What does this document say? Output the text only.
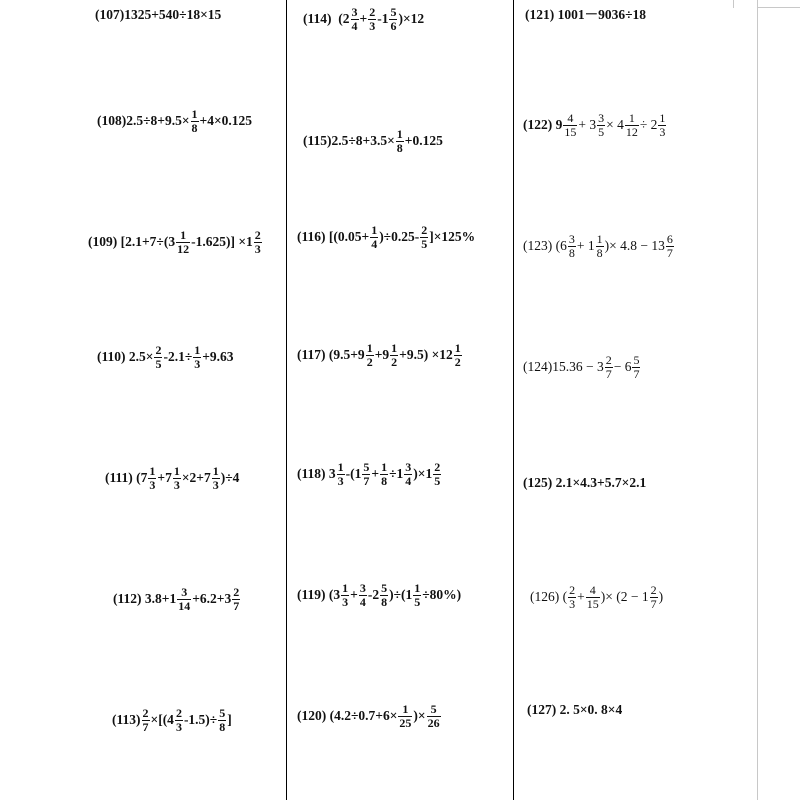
(107)1325+540÷18×15
$(108)2.5\div 8+9.5\times \frac{1}{8} +4\times 0.125$
(109) $[2.1+7\div(3 \frac{1}{12} -1.625)] \times 1 \frac{2}{3}$
(110) $2.5\times \frac{2}{5} -2.1\div \frac{1}{3} +9.63$
(111) $(7 \frac{1}{3} +7 \frac{1}{3} \times 2+7 \frac{1}{3} )\div 4$
(112) $3.8+1 \frac{3}{14} +6.2+3 \frac{2}{7}$
$(113) \frac{2}{7} \times[(4 \frac{2}{3} -1.5)\div \frac{5}{8}$ ]
(114)
$(2 \frac{3}{4} + \frac{2}{3} -1 \frac{5}{6} )\times 12$
$(115)2.5\div 8+3.5\times \frac{1}{8} +0.125$
(116) $[(0.05+ \frac{1}{4} )\div 0.25- \frac{2}{5} ]\times 125\%$
(117) $(9.5+9 \frac{1}{2} +9 \frac{1}{2} +9.5) \times 12 \frac{1}{2}$
(118) $3 \frac{1}{3} -(1 \frac{5}{7} + \frac{1}{8} \div 1 \frac{3}{4} )\times 1 \frac{2}{5}$
(119) $(3 \frac{1}{3} + \frac{3}{4} -2 \frac{5}{8} )\div(1 \frac{1}{5} \div 80\%)$
(120) ($4.2\div 0.7+6\times \frac{1}{25}$ )× $\frac{5}{26}$
(121) 1001－9036÷18
(122) $9 \frac{4}{15} + 3 \frac{3}{5} \times 4 \frac{1}{12} \div 2 \frac{1}{3}$
(123) ($6 \frac{3}{8} + 1 \frac{1}{8}$ )× $4.8 - 13 \frac{6}{7}$
$(124)15.36 - 3 \frac{2}{7} - 6 \frac{5}{7}$
(125) 2.1×4.3+5.7×2.1
(126) ( $\frac{2}{3} + \frac{4}{15}$ )× ($2 - 1 \frac{2}{7}$ )
(127) 2. 5×0. 8×4
